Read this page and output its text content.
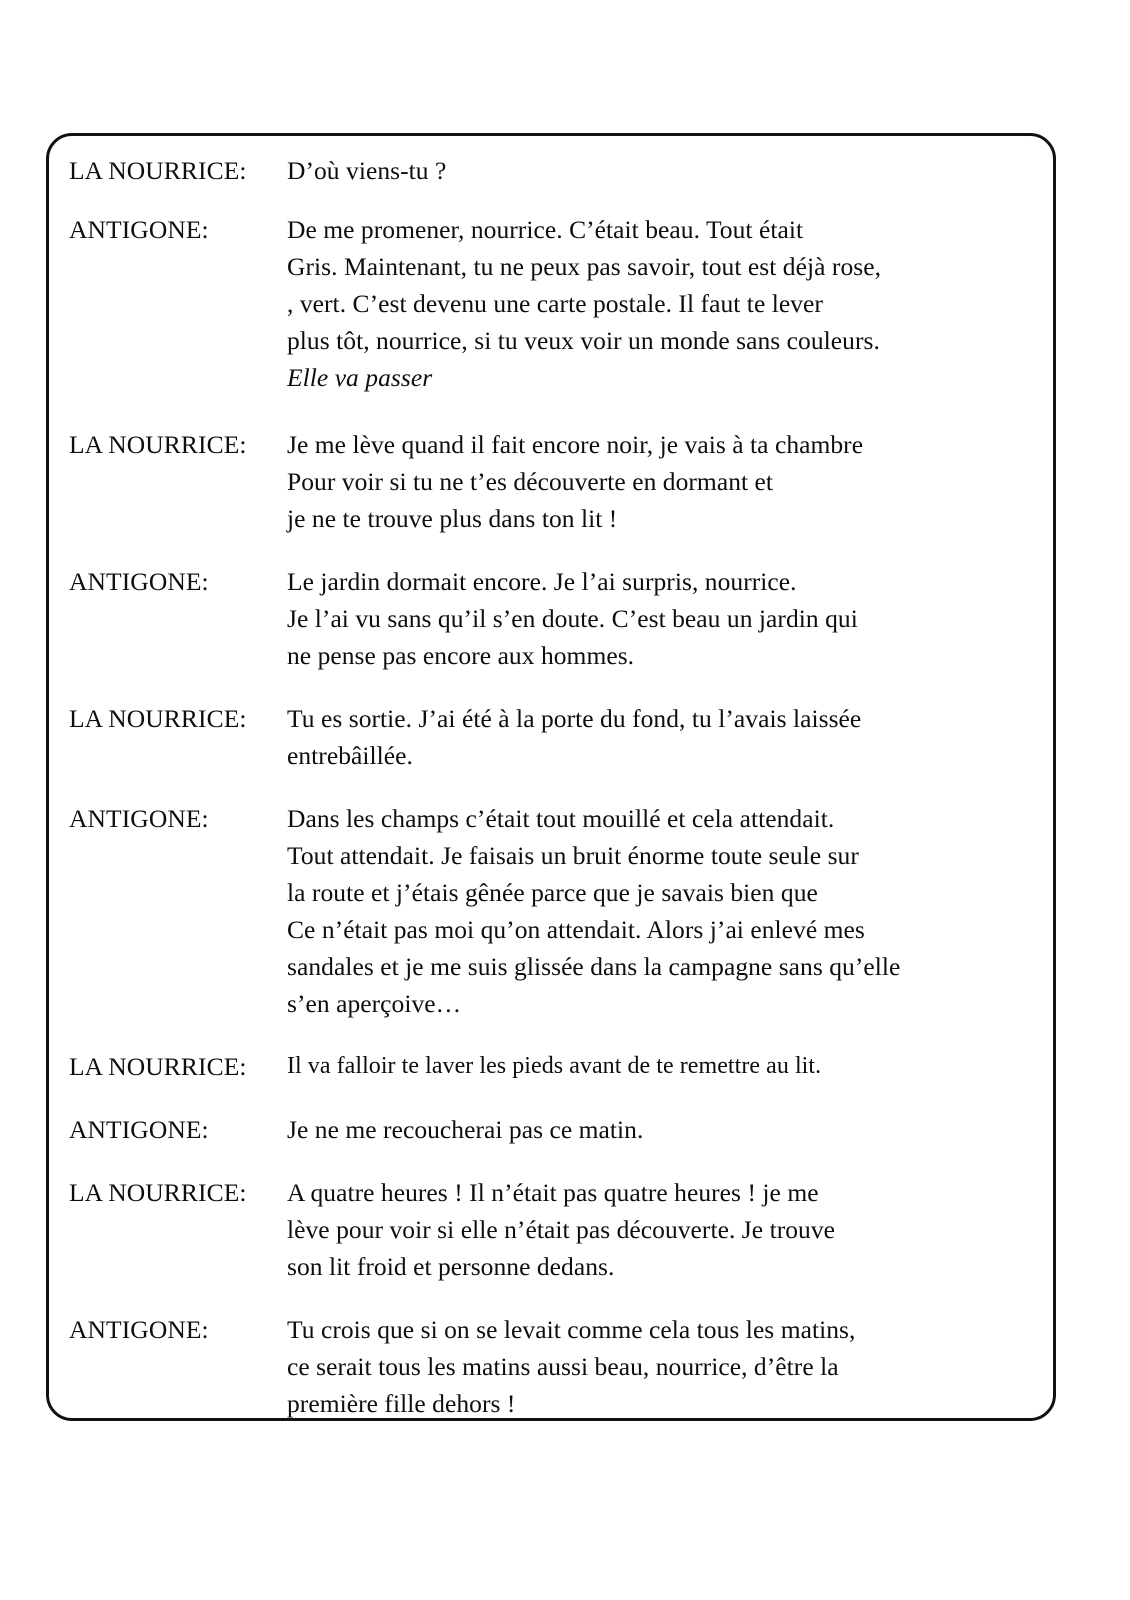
LA NOURRICE:	D’où viens-tu ?
ANTIGONE:	De me promener, nourrice. C’était beau. Tout était
Gris. Maintenant, tu ne peux pas savoir, tout est déjà rose,
, vert. C’est devenu une carte postale. Il faut te lever
plus tôt, nourrice, si tu veux voir un monde sans couleurs.
Elle va passer
LA NOURRICE:	Je me lève quand il fait encore noir, je vais à ta chambre
Pour voir si tu ne t’es découverte en dormant et
je ne te trouve plus dans ton lit !
ANTIGONE:	Le jardin dormait encore. Je l’ai surpris, nourrice.
Je l’ai vu sans qu’il s’en doute. C’est beau un jardin qui
ne pense pas encore aux hommes.
LA NOURRICE:	Tu es sortie. J’ai été à la porte du fond, tu l’avais laissée
entrebâillée.
ANTIGONE:	Dans les champs c’était tout mouillé et cela attendait.
Tout attendait. Je faisais un bruit énorme toute seule sur
la route et j’étais gênée parce que je savais bien que
Ce n’était pas moi qu’on attendait. Alors j’ai enlevé mes
sandales et je me suis glissée dans la campagne sans qu’elle
s’en aperçoive…
LA NOURRICE:	Il va falloir te laver les pieds avant de te remettre au lit.
ANTIGONE:	Je ne me recoucherai pas ce matin.
LA NOURRICE:	A quatre heures ! Il n’était pas quatre heures ! je me
lève pour voir si elle n’était pas découverte. Je trouve
son lit froid et personne dedans.
ANTIGONE:	Tu crois que si on se levait comme cela tous les matins,
ce serait tous les matins aussi beau, nourrice, d’être la
première fille dehors !
